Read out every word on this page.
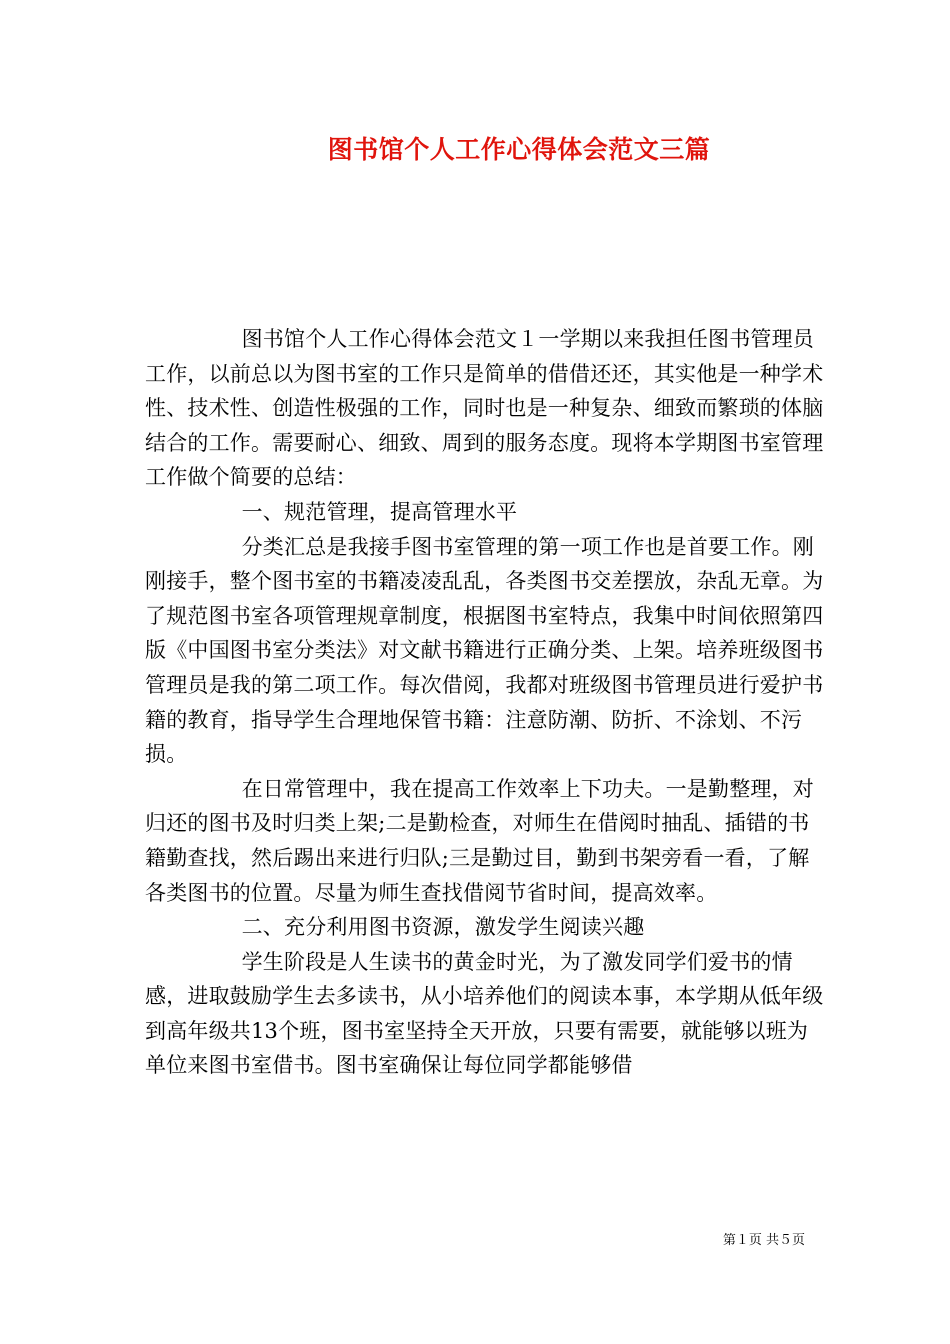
图书馆个人工作心得体会范文三篇

图书馆个人工作心得体会范文１一学期以来我担任图书管理员工作，以前总以为图书室的工作只是简单的借借还还，其实他是一种学术性、技术性、创造性极强的工作，同时也是一种复杂、细致而繁琐的体脑结合的工作。需要耐心、细致、周到的服务态度。现将本学期图书室管理工作做个简要的总结：

一、规范管理，提高管理水平

分类汇总是我接手图书室管理的第一项工作也是首要工作。刚刚接手，整个图书室的书籍凌凌乱乱，各类图书交差摆放，杂乱无章。为了规范图书室各项管理规章制度，根据图书室特点，我集中时间依照第四版《中国图书室分类法》对文献书籍进行正确分类、上架。培养班级图书管理员是我的第二项工作。每次借阅，我都对班级图书管理员进行爱护书籍的教育，指导学生合理地保管书籍：注意防潮、防折、不涂划、不污损。

在日常管理中，我在提高工作效率上下功夫。一是勤整理，对归还的图书及时归类上架;二是勤检查，对师生在借阅时抽乱、插错的书籍勤查找，然后踢出来进行归队;三是勤过目，勤到书架旁看一看，了解各类图书的位置。尽量为师生查找借阅节省时间，提高效率。

二、充分利用图书资源，激发学生阅读兴趣

学生阶段是人生读书的黄金时光，为了激发同学们爱书的情感，进取鼓励学生去多读书，从小培养他们的阅读本事，本学期从低年级到高年级共13个班，图书室坚持全天开放，只要有需要，就能够以班为单位来图书室借书。图书室确保让每位同学都能够借

第１页 共５页
